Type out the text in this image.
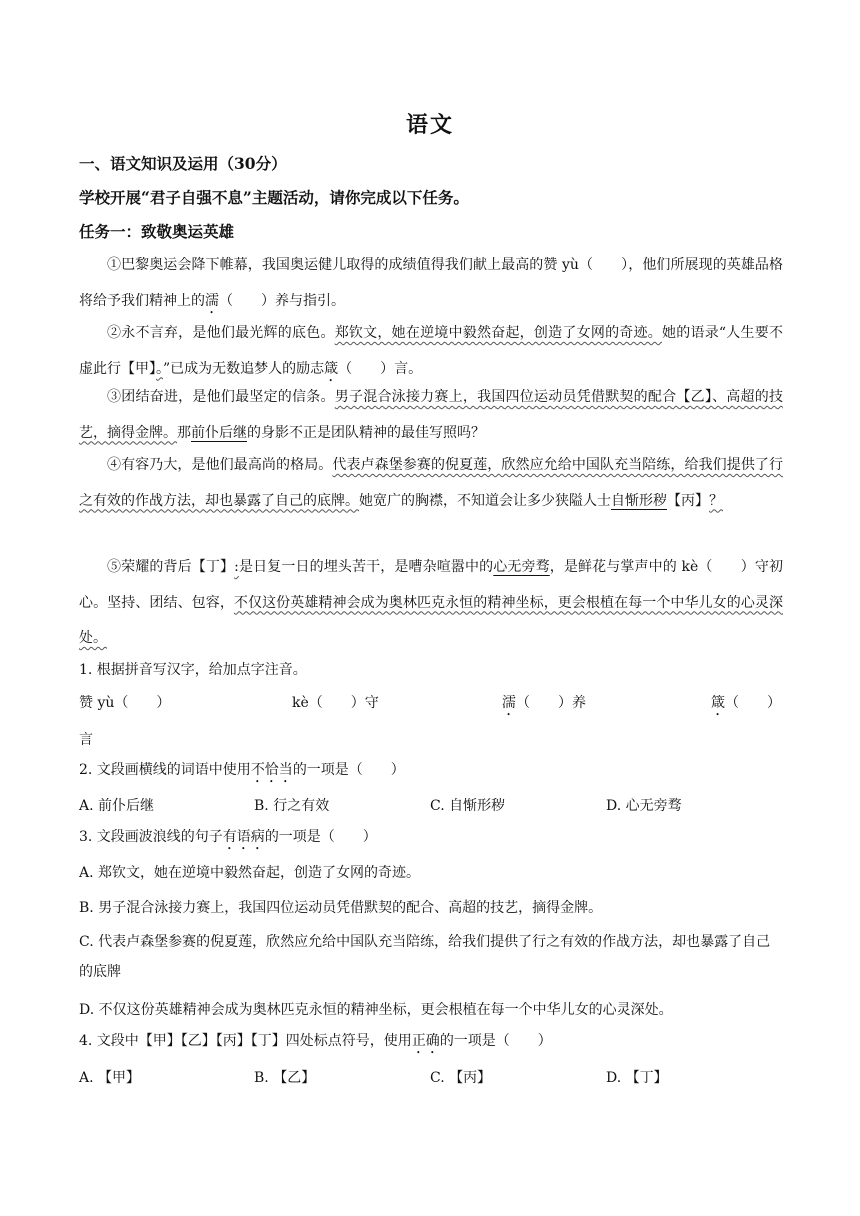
语文
一、语文知识及运用（30分）
学校开展“君子自强不息”主题活动，请你完成以下任务。
任务一：致敬奥运英雄
①巴黎奥运会降下帷幕，我国奥运健儿取得的成绩值得我们献上最高的赞 yù（　　），他们所展现的英雄品格将给予我们精神上的濡（　　）养与指引。
②永不言弃，是他们最光辉的底色。郑钦文，她在逆境中毅然奋起，创造了女网的奇迹。她的语录“人生要不虚此行【甲】。”已成为无数追梦人的励志箴（　　）言。
③团结奋进，是他们最坚定的信条。男子混合泳接力赛上，我国四位运动员凭借默契的配合【乙】、高超的技艺，摘得金牌。那前仆后继的身影不正是团队精神的最佳写照吗？
④有容乃大，是他们最高尚的格局。代表卢森堡参赛的倪夏莲，欣然应允给中国队充当陪练，给我们提供了行之有效的作战方法，却也暴露了自己的底牌。她宽广的胸襟，不知道会让多少狭隘人士自惭形秽【丙】？
⑤荣耀的背后【丁】:是日复一日的埋头苦干，是嘈杂喧嚣中的心无旁骛，是鲜花与掌声中的 kè（　　）守初心。坚持、团结、包容，不仅这份英雄精神会成为奥林匹克永恒的精神坐标，更会根植在每一个中华儿女的心灵深处。
1. 根据拼音写汉字，给加点字注音。
赞 yù（　　）	kè（　　）守	濡（　　）养	箴（　　）
言
2. 文段画横线的词语中使用不恰当的一项是（　　）
A. 前仆后继	B. 行之有效	C. 自惭形秽	D. 心无旁骛
3. 文段画波浪线的句子有语病的一项是（　　）
A. 郑钦文，她在逆境中毅然奋起，创造了女网的奇迹。
B. 男子混合泳接力赛上，我国四位运动员凭借默契的配合、高超的技艺，摘得金牌。
C. 代表卢森堡参赛的倪夏莲，欣然应允给中国队充当陪练，给我们提供了行之有效的作战方法，却也暴露了自己的底牌
D. 不仅这份英雄精神会成为奥林匹克永恒的精神坐标，更会根植在每一个中华儿女的心灵深处。
4. 文段中【甲】【乙】【丙】【丁】四处标点符号，使用正确的一项是（　　）
A. 【甲】	B. 【乙】	C. 【丙】	D. 【丁】
